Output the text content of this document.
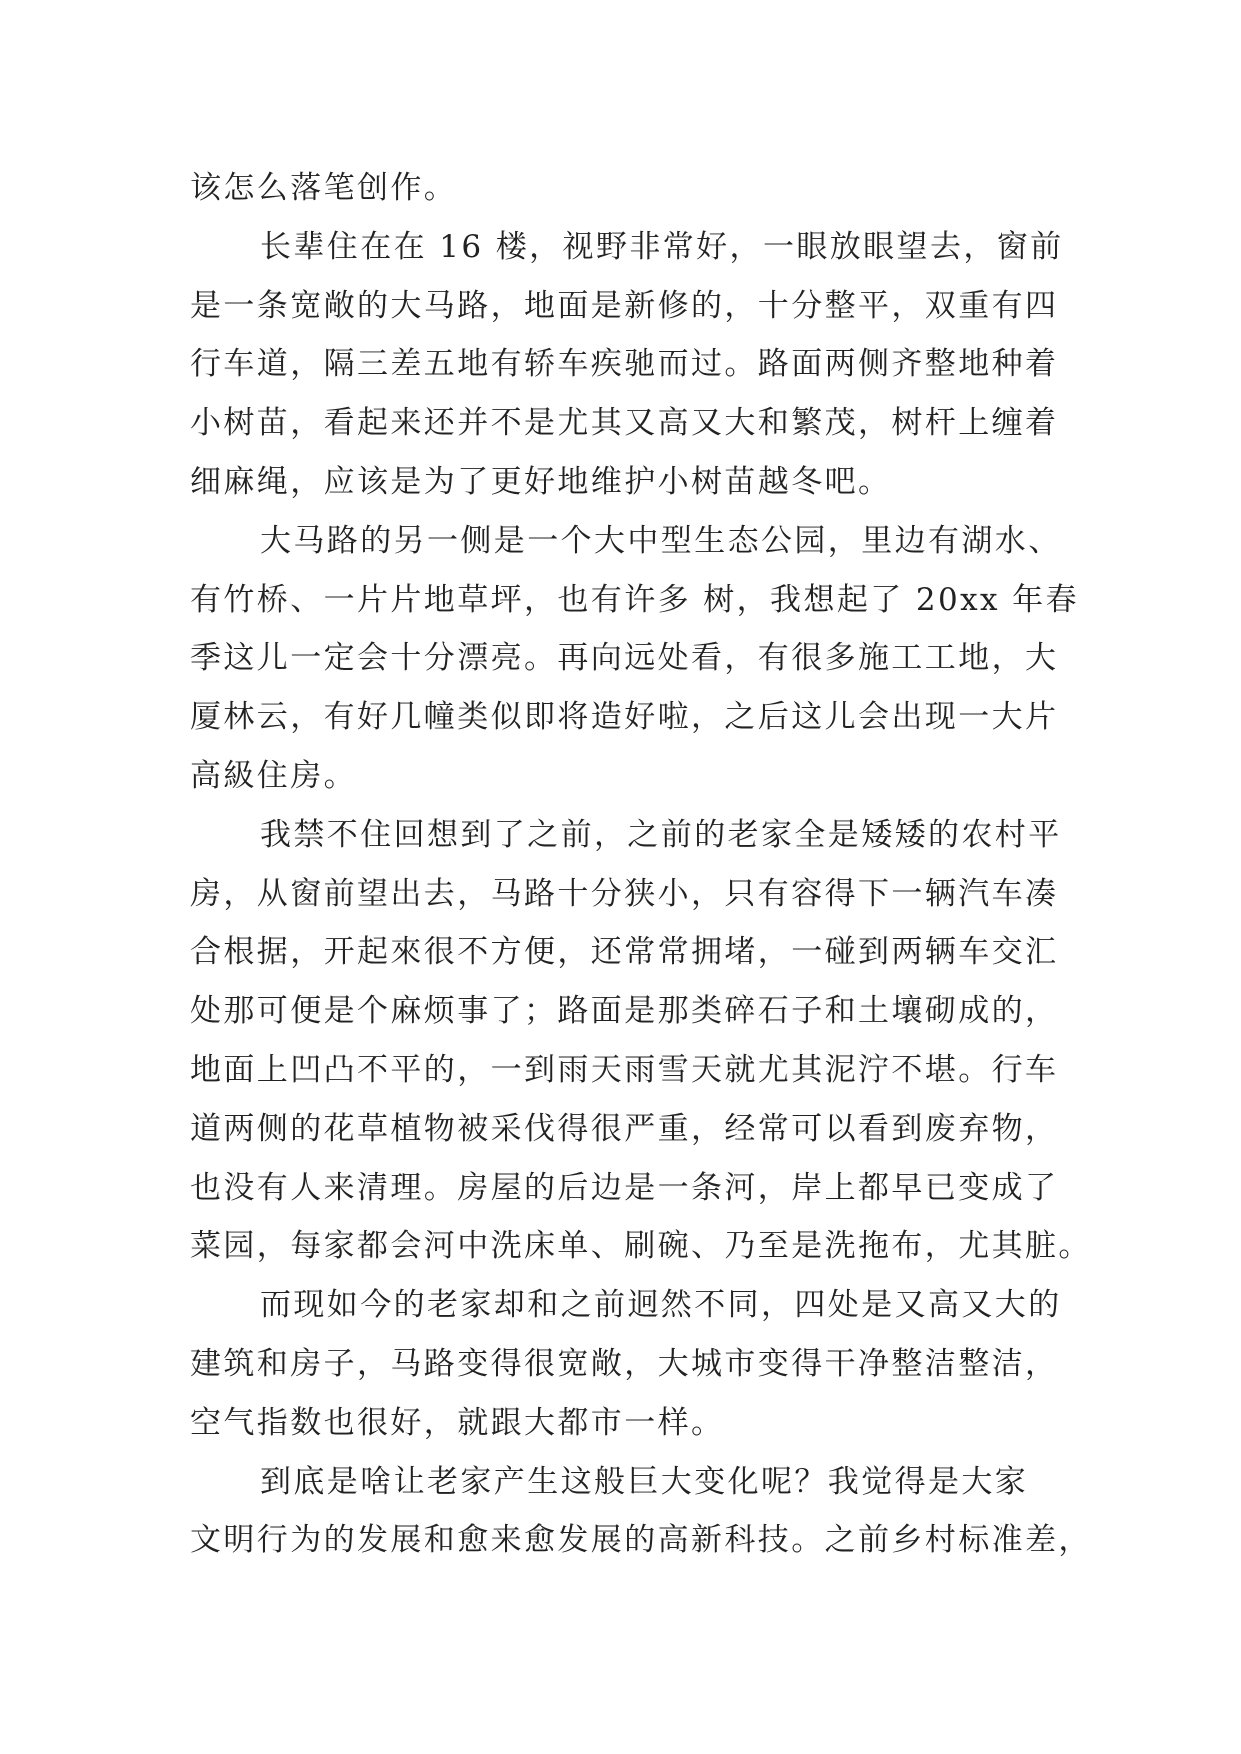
该怎么落笔创作。
长辈住在在 16 楼，视野非常好，一眼放眼望去，窗前
是一条宽敞的大马路，地面是新修的，十分整平，双重有四
行车道，隔三差五地有轿车疾驰而过。路面两侧齐整地种着
小树苗，看起来还并不是尤其又高又大和繁茂，树杆上缠着
细麻绳，应该是为了更好地维护小树苗越冬吧。
大马路的另一侧是一个大中型生态公园，里边有湖水、
有竹桥、一片片地草坪，也有许多 树，我想起了 20xx 年春
季这儿一定会十分漂亮。再向远处看，有很多施工工地，大
厦林云，有好几幢类似即将造好啦，之后这儿会出现一大片
高級住房。
我禁不住回想到了之前，之前的老家全是矮矮的农村平
房，从窗前望出去，马路十分狭小，只有容得下一辆汽车凑
合根据，开起來很不方便，还常常拥堵，一碰到两辆车交汇
处那可便是个麻烦事了；路面是那类碎石子和土壤砌成的，
地面上凹凸不平的，一到雨天雨雪天就尤其泥泞不堪。行车
道两侧的花草植物被采伐得很严重，经常可以看到废弃物，
也没有人来清理。房屋的后边是一条河，岸上都早已变成了
菜园，每家都会河中洗床单、刷碗、乃至是洗拖布，尤其脏。
而现如今的老家却和之前迥然不同，四处是又高又大的
建筑和房子，马路变得很宽敞，大城市变得干净整洁整洁，
空气指数也很好，就跟大都市一样。
到底是啥让老家产生这般巨大变化呢？我觉得是大家
文明行为的发展和愈来愈发展的高新科技。之前乡村标准差，
